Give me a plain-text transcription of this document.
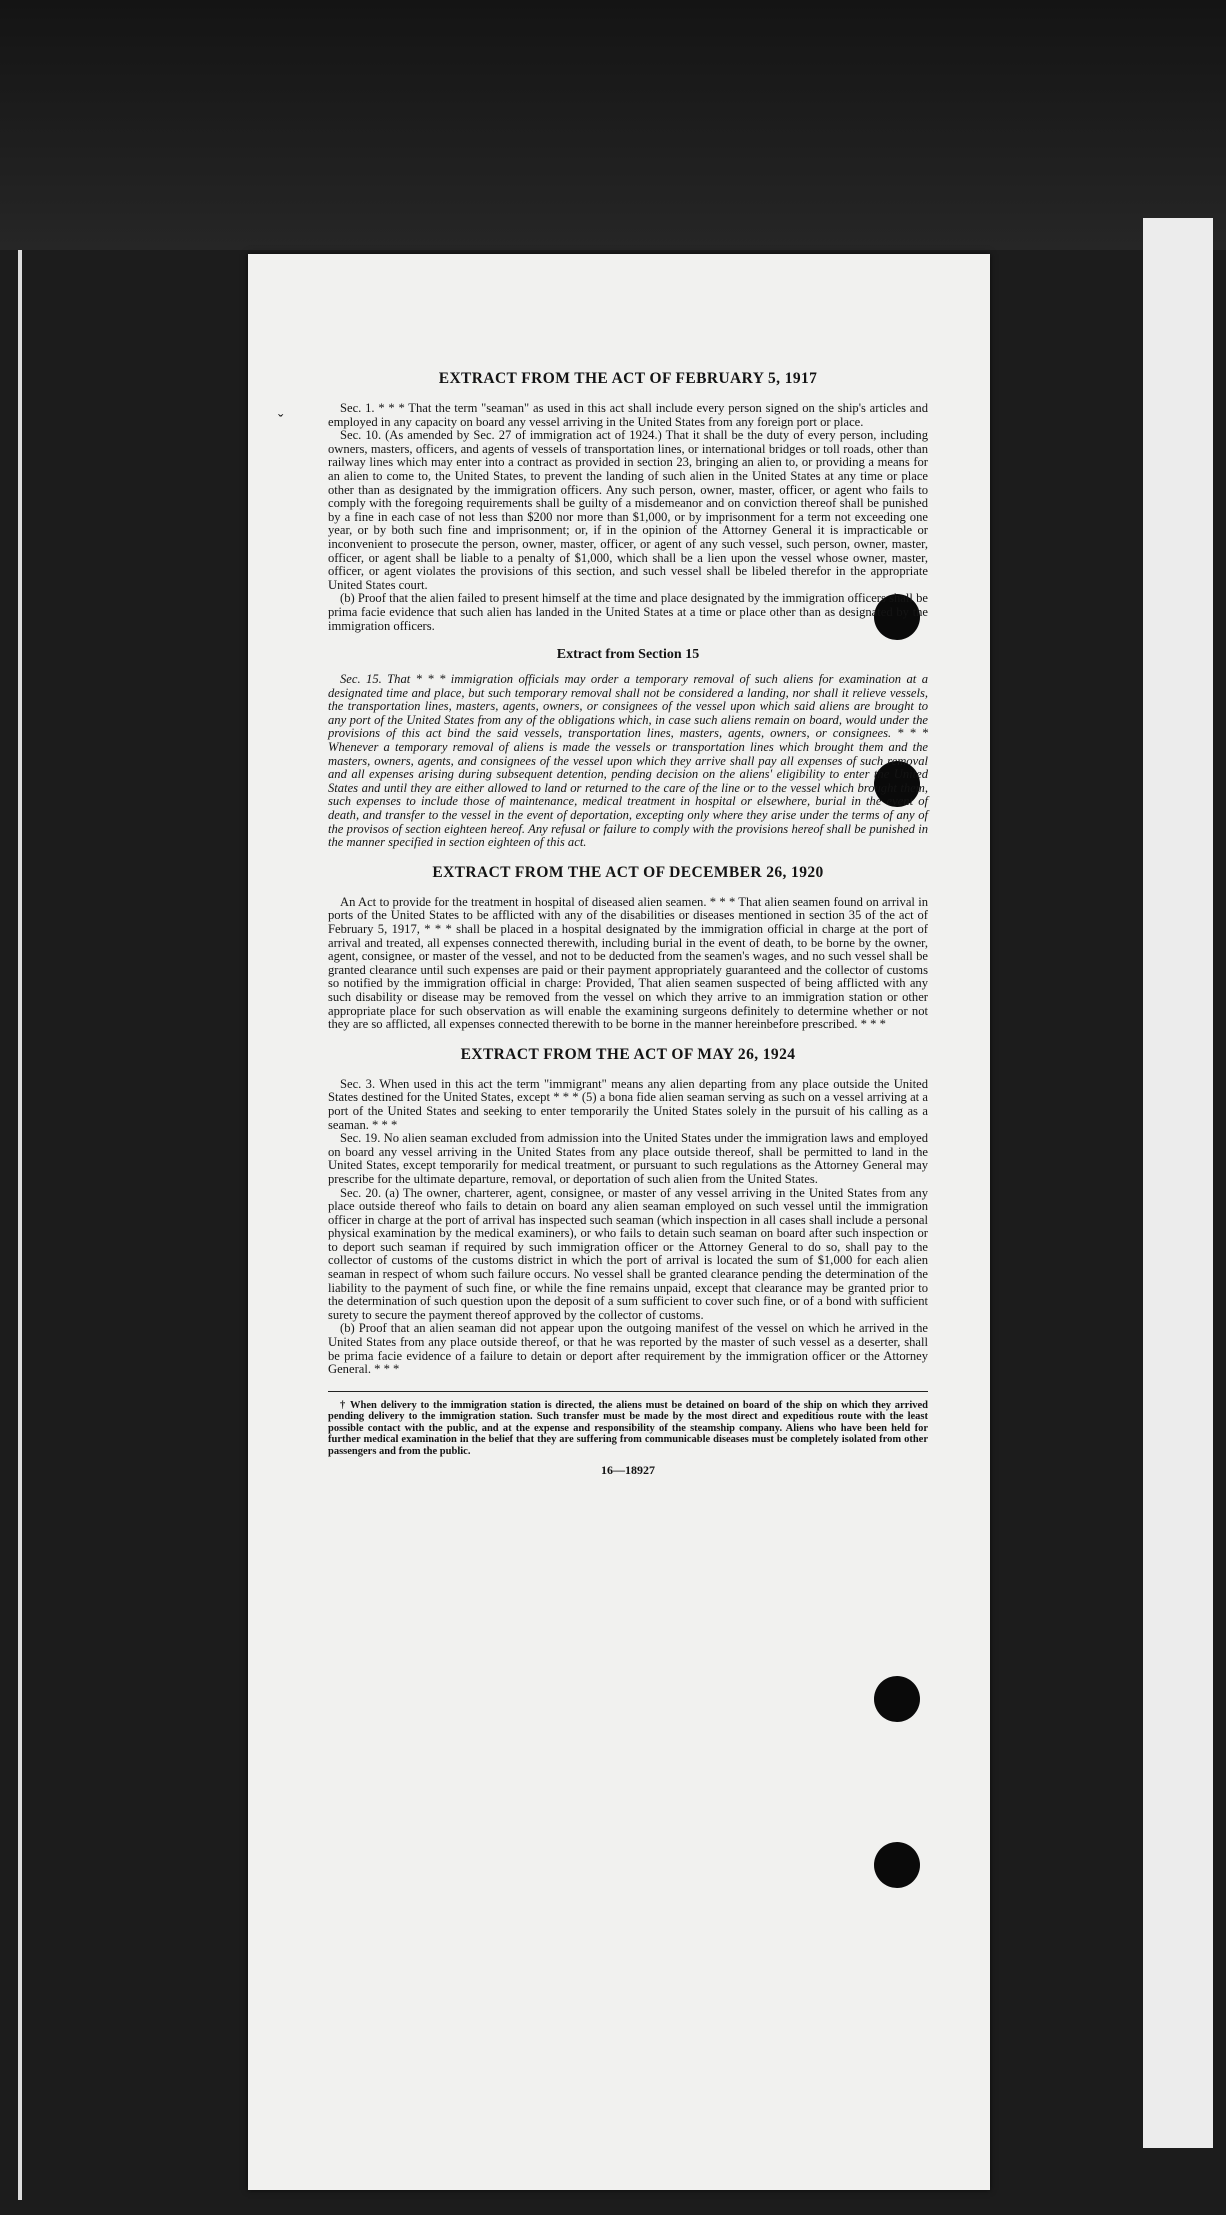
ˇ
EXTRACT FROM THE ACT OF FEBRUARY 5, 1917

Sec. 1. * * * That the term "seaman" as used in this act shall include every person signed on the ship's articles and employed in any capacity on board any vessel arriving in the United States from any foreign port or place.

Sec. 10. (As amended by Sec. 27 of immigration act of 1924.) That it shall be the duty of every person, including owners, masters, officers, and agents of vessels of transportation lines, or international bridges or toll roads, other than railway lines which may enter into a contract as provided in section 23, bringing an alien to, or providing a means for an alien to come to, the United States, to prevent the landing of such alien in the United States at any time or place other than as designated by the immigration officers. Any such person, owner, master, officer, or agent who fails to comply with the foregoing requirements shall be guilty of a misdemeanor and on conviction thereof shall be punished by a fine in each case of not less than $200 nor more than $1,000, or by imprisonment for a term not exceeding one year, or by both such fine and imprisonment; or, if in the opinion of the Attorney General it is impracticable or inconvenient to prosecute the person, owner, master, officer, or agent of any such vessel, such person, owner, master, officer, or agent shall be liable to a penalty of $1,000, which shall be a lien upon the vessel whose owner, master, officer, or agent violates the provisions of this section, and such vessel shall be libeled therefor in the appropriate United States court.

(b) Proof that the alien failed to present himself at the time and place designated by the immigration officers shall be prima facie evidence that such alien has landed in the United States at a time or place other than as designated by the immigration officers.

Extract from Section 15

Sec. 15. That * * * immigration officials may order a temporary removal of such aliens for examination at a designated time and place, but such temporary removal shall not be considered a landing, nor shall it relieve vessels, the transportation lines, masters, agents, owners, or consignees of the vessel upon which said aliens are brought to any port of the United States from any of the obligations which, in case such aliens remain on board, would under the provisions of this act bind the said vessels, transportation lines, masters, agents, owners, or consignees. * * * Whenever a temporary removal of aliens is made the vessels or transportation lines which brought them and the masters, owners, agents, and consignees of the vessel upon which they arrive shall pay all expenses of such removal and all expenses arising during subsequent detention, pending decision on the aliens' eligibility to enter the United States and until they are either allowed to land or returned to the care of the line or to the vessel which brought them, such expenses to include those of maintenance, medical treatment in hospital or elsewhere, burial in the event of death, and transfer to the vessel in the event of deportation, excepting only where they arise under the terms of any of the provisos of section eighteen hereof. Any refusal or failure to comply with the provisions hereof shall be punished in the manner specified in section eighteen of this act.

EXTRACT FROM THE ACT OF DECEMBER 26, 1920

An Act to provide for the treatment in hospital of diseased alien seamen. * * * That alien seamen found on arrival in ports of the United States to be afflicted with any of the disabilities or diseases mentioned in section 35 of the act of February 5, 1917, * * * shall be placed in a hospital designated by the immigration official in charge at the port of arrival and treated, all expenses connected therewith, including burial in the event of death, to be borne by the owner, agent, consignee, or master of the vessel, and not to be deducted from the seamen's wages, and no such vessel shall be granted clearance until such expenses are paid or their payment appropriately guaranteed and the collector of customs so notified by the immigration official in charge: Provided, That alien seamen suspected of being afflicted with any such disability or disease may be removed from the vessel on which they arrive to an immigration station or other appropriate place for such observation as will enable the examining surgeons definitely to determine whether or not they are so afflicted, all expenses connected therewith to be borne in the manner hereinbefore prescribed. * * *

EXTRACT FROM THE ACT OF MAY 26, 1924

Sec. 3. When used in this act the term "immigrant" means any alien departing from any place outside the United States destined for the United States, except * * * (5) a bona fide alien seaman serving as such on a vessel arriving at a port of the United States and seeking to enter temporarily the United States solely in the pursuit of his calling as a seaman. * * *

Sec. 19. No alien seaman excluded from admission into the United States under the immigration laws and employed on board any vessel arriving in the United States from any place outside thereof, shall be permitted to land in the United States, except temporarily for medical treatment, or pursuant to such regulations as the Attorney General may prescribe for the ultimate departure, removal, or deportation of such alien from the United States.

Sec. 20. (a) The owner, charterer, agent, consignee, or master of any vessel arriving in the United States from any place outside thereof who fails to detain on board any alien seaman employed on such vessel until the immigration officer in charge at the port of arrival has inspected such seaman (which inspection in all cases shall include a personal physical examination by the medical examiners), or who fails to detain such seaman on board after such inspection or to deport such seaman if required by such immigration officer or the Attorney General to do so, shall pay to the collector of customs of the customs district in which the port of arrival is located the sum of $1,000 for each alien seaman in respect of whom such failure occurs. No vessel shall be granted clearance pending the determination of the liability to the payment of such fine, or while the fine remains unpaid, except that clearance may be granted prior to the determination of such question upon the deposit of a sum sufficient to cover such fine, or of a bond with sufficient surety to secure the payment thereof approved by the collector of customs.

(b) Proof that an alien seaman did not appear upon the outgoing manifest of the vessel on which he arrived in the United States from any place outside thereof, or that he was reported by the master of such vessel as a deserter, shall be prima facie evidence of a failure to detain or deport after requirement by the immigration officer or the Attorney General. * * *

† When delivery to the immigration station is directed, the aliens must be detained on board of the ship on which they arrived pending delivery to the immigration station. Such transfer must be made by the most direct and expeditious route with the least possible contact with the public, and at the expense and responsibility of the steamship company. Aliens who have been held for further medical examination in the belief that they are suffering from communicable diseases must be completely isolated from other passengers and from the public.

16—18927
